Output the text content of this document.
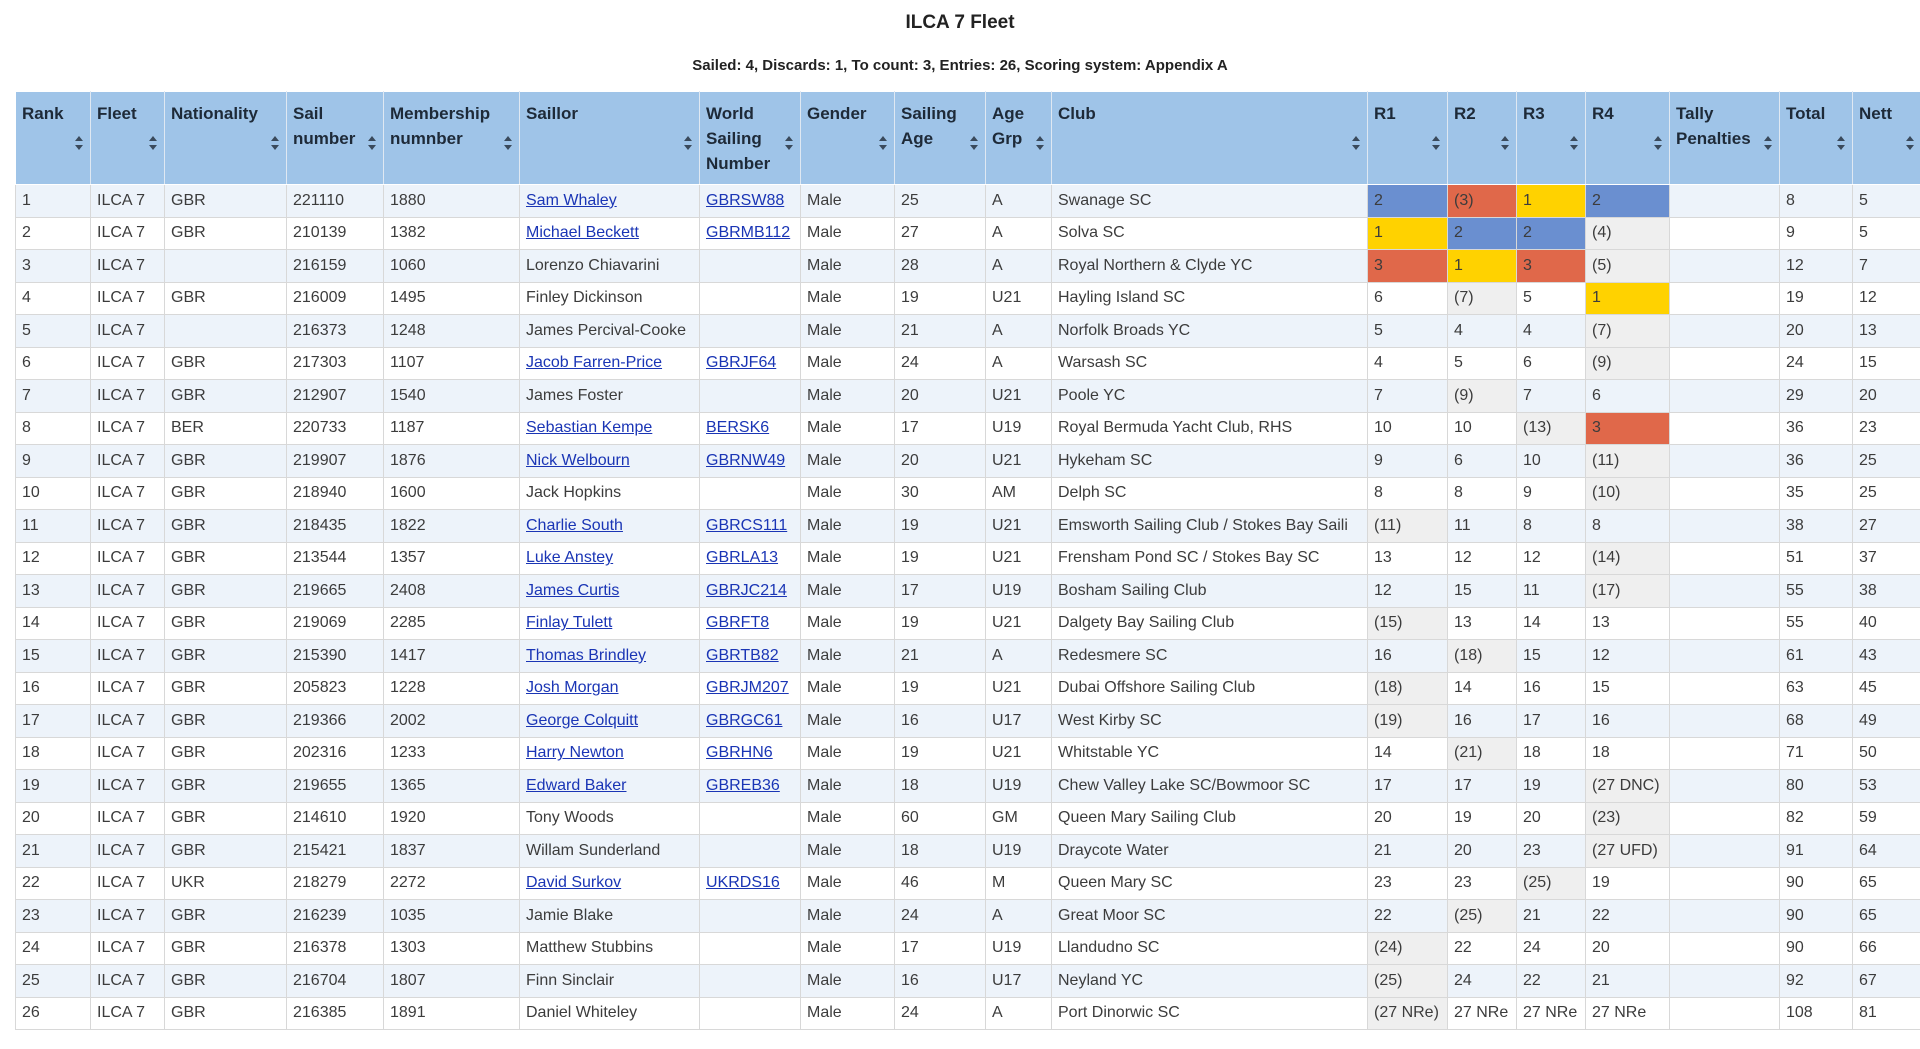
ILCA 7 Fleet
Sailed: 4, Discards: 1, To count: 3, Entries: 26, Scoring system: Appendix A
Rank	Fleet	Nationality	Sail number	Membership numnber	Saillor	World Sailing Number	Gender	Sailing Age	Age Grp	Club	R1	R2	R3	R4	Tally Penalties	Total	Nett

1	ILCA 7	GBR	221110	1880	Sam Whaley	GBRSW88	Male	25	A	Swanage SC	2	(3)	1	2		8	5
2	ILCA 7	GBR	210139	1382	Michael Beckett	GBRMB112	Male	27	A	Solva SC	1	2	2	(4)		9	5
3	ILCA 7		216159	1060	Lorenzo Chiavarini		Male	28	A	Royal Northern & Clyde YC	3	1	3	(5)		12	7
4	ILCA 7	GBR	216009	1495	Finley Dickinson		Male	19	U21	Hayling Island SC	6	(7)	5	1		19	12
5	ILCA 7		216373	1248	James Percival-Cooke		Male	21	A	Norfolk Broads YC	5	4	4	(7)		20	13
6	ILCA 7	GBR	217303	1107	Jacob Farren-Price	GBRJF64	Male	24	A	Warsash SC	4	5	6	(9)		24	15
7	ILCA 7	GBR	212907	1540	James Foster		Male	20	U21	Poole YC	7	(9)	7	6		29	20
8	ILCA 7	BER	220733	1187	Sebastian Kempe	BERSK6	Male	17	U19	Royal Bermuda Yacht Club, RHS	10	10	(13)	3		36	23
9	ILCA 7	GBR	219907	1876	Nick Welbourn	GBRNW49	Male	20	U21	Hykeham SC	9	6	10	(11)		36	25
10	ILCA 7	GBR	218940	1600	Jack Hopkins		Male	30	AM	Delph SC	8	8	9	(10)		35	25
11	ILCA 7	GBR	218435	1822	Charlie South	GBRCS111	Male	19	U21	Emsworth Sailing Club / Stokes Bay Saili	(11)	11	8	8		38	27
12	ILCA 7	GBR	213544	1357	Luke Anstey	GBRLA13	Male	19	U21	Frensham Pond SC / Stokes Bay SC	13	12	12	(14)		51	37
13	ILCA 7	GBR	219665	2408	James Curtis	GBRJC214	Male	17	U19	Bosham Sailing Club	12	15	11	(17)		55	38
14	ILCA 7	GBR	219069	2285	Finlay Tulett	GBRFT8	Male	19	U21	Dalgety Bay Sailing Club	(15)	13	14	13		55	40
15	ILCA 7	GBR	215390	1417	Thomas Brindley	GBRTB82	Male	21	A	Redesmere SC	16	(18)	15	12		61	43
16	ILCA 7	GBR	205823	1228	Josh Morgan	GBRJM207	Male	19	U21	Dubai Offshore Sailing Club	(18)	14	16	15		63	45
17	ILCA 7	GBR	219366	2002	George Colquitt	GBRGC61	Male	16	U17	West Kirby SC	(19)	16	17	16		68	49
18	ILCA 7	GBR	202316	1233	Harry Newton	GBRHN6	Male	19	U21	Whitstable YC	14	(21)	18	18		71	50
19	ILCA 7	GBR	219655	1365	Edward Baker	GBREB36	Male	18	U19	Chew Valley Lake SC/Bowmoor SC	17	17	19	(27 DNC)		80	53
20	ILCA 7	GBR	214610	1920	Tony Woods		Male	60	GM	Queen Mary Sailing Club	20	19	20	(23)		82	59
21	ILCA 7	GBR	215421	1837	Willam Sunderland		Male	18	U19	Draycote Water	21	20	23	(27 UFD)		91	64
22	ILCA 7	UKR	218279	2272	David Surkov	UKRDS16	Male	46	M	Queen Mary SC	23	23	(25)	19		90	65
23	ILCA 7	GBR	216239	1035	Jamie Blake		Male	24	A	Great Moor SC	22	(25)	21	22		90	65
24	ILCA 7	GBR	216378	1303	Matthew Stubbins		Male	17	U19	Llandudno SC	(24)	22	24	20		90	66
25	ILCA 7	GBR	216704	1807	Finn Sinclair		Male	16	U17	Neyland YC	(25)	24	22	21		92	67
26	ILCA 7	GBR	216385	1891	Daniel Whiteley		Male	24	A	Port Dinorwic SC	(27 NRe)	27 NRe	27 NRe	27 NRe		108	81
